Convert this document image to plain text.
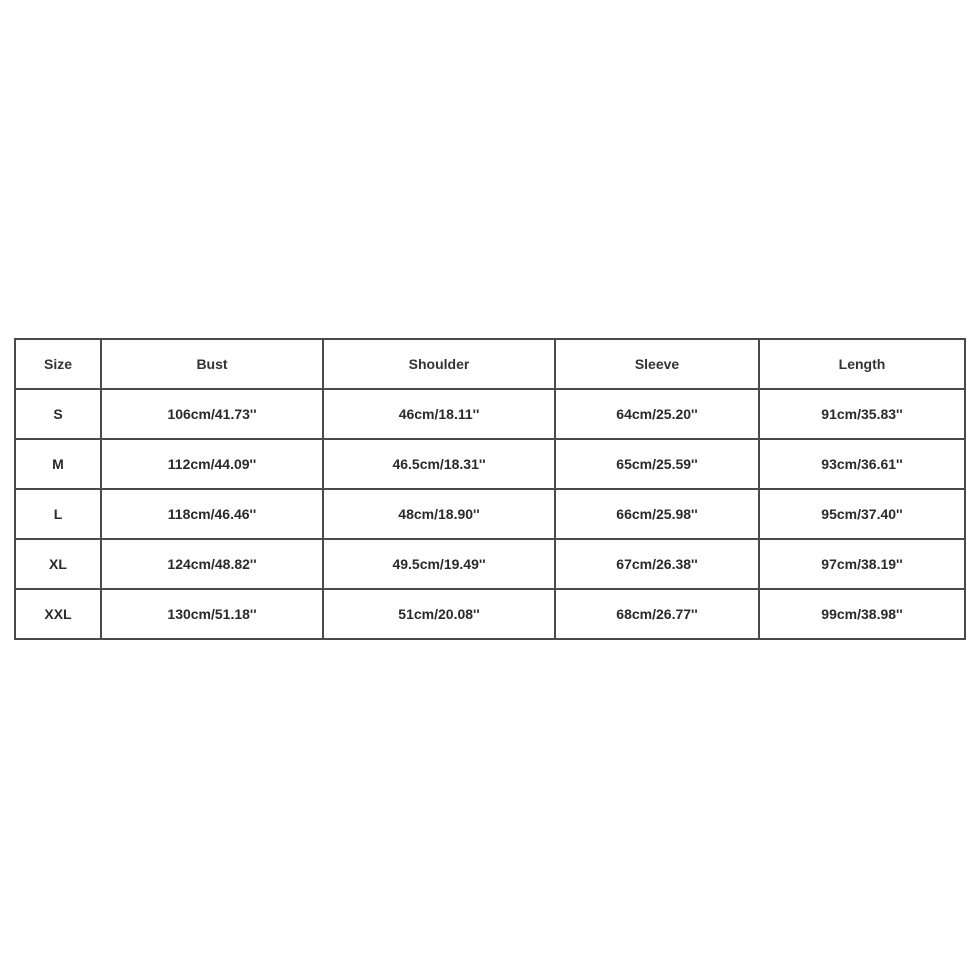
Size	Bust	Shoulder	Sleeve	Length
S	106cm/41.73''	46cm/18.11''	64cm/25.20''	91cm/35.83''
M	112cm/44.09''	46.5cm/18.31''	65cm/25.59''	93cm/36.61''
L	118cm/46.46''	48cm/18.90''	66cm/25.98''	95cm/37.40''
XL	124cm/48.82''	49.5cm/19.49''	67cm/26.38''	97cm/38.19''
XXL	130cm/51.18''	51cm/20.08''	68cm/26.77''	99cm/38.98''
